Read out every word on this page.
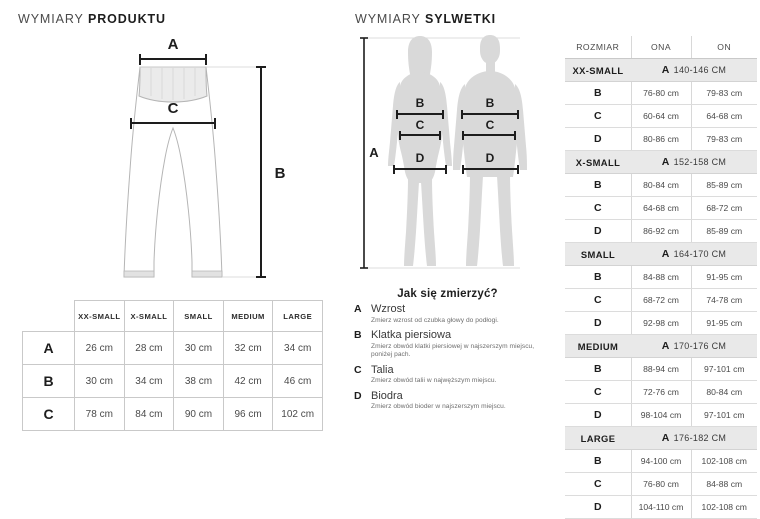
WYMIARY PRODUKTU
A
C
B
	XX-SMALL	X-SMALL	SMALL	MEDIUM	LARGE
A	26 cm	28 cm	30 cm	32 cm	34 cm
B	30 cm	34 cm	38 cm	42 cm	46 cm
C	78 cm	84 cm	90 cm	96 cm	102 cm
WYMIARY SYLWETKI
A
B
C
D
B
C
D
Jak się zmierzyć?
A Wzrost
Zmierz wzrost od czubka głowy do podłogi.
B Klatka piersiowa
Zmierz obwód klatki piersiowej w najszerszym miejscu, poniżej pach.
C Talia
Zmierz obwód talii w najwęższym miejscu.
D Biodra
Zmierz obwód bioder w najszerszym miejscu.
ROZMIAR	ONA	ON
XX-SMALL	A 140-146 CM	
B	76-80 cm	79-83 cm
C	60-64 cm	64-68 cm
D	80-86 cm	79-83 cm
X-SMALL	A 152-158 CM	
B	80-84 cm	85-89 cm
C	64-68 cm	68-72 cm
D	86-92 cm	85-89 cm
SMALL	A 164-170 CM	
B	84-88 cm	91-95 cm
C	68-72 cm	74-78 cm
D	92-98 cm	91-95 cm
MEDIUM	A 170-176 CM	
B	88-94 cm	97-101 cm
C	72-76 cm	80-84 cm
D	98-104 cm	97-101 cm
LARGE	A 176-182 CM	
B	94-100 cm	102-108 cm
C	76-80 cm	84-88 cm
D	104-110 cm	102-108 cm
